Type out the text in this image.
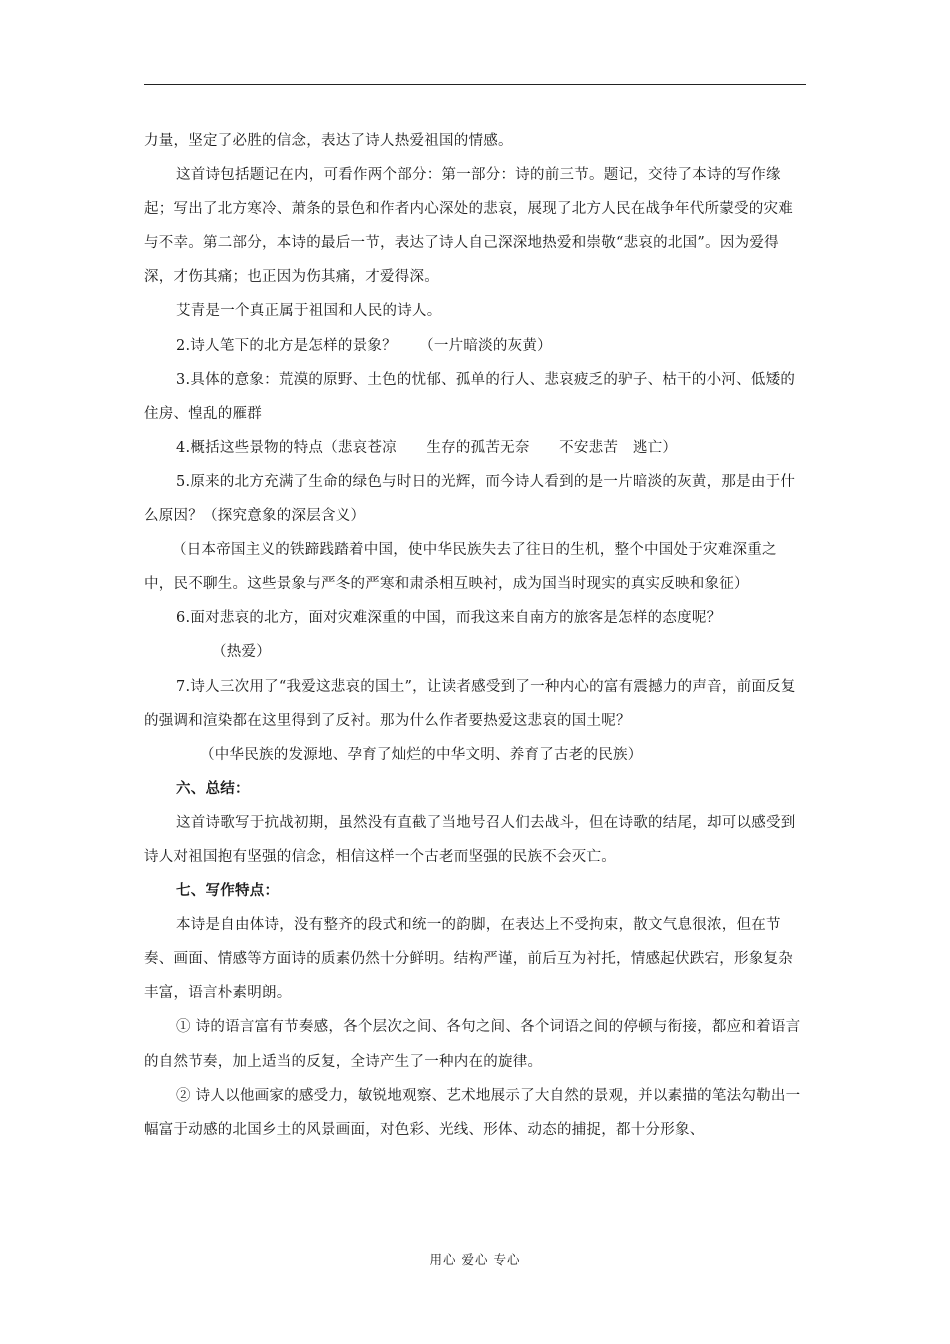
力量，坚定了必胜的信念，表达了诗人热爱祖国的情感。

这首诗包括题记在内，可看作两个部分：第一部分：诗的前三节。题记，交待了本诗的写作缘起；写出了北方寒冷、萧条的景色和作者内心深处的悲哀，展现了北方人民在战争年代所蒙受的灾难与不幸。第二部分，本诗的最后一节，表达了诗人自己深深地热爱和崇敬“悲哀的北国”。因为爱得深，才伤其痛；也正因为伤其痛，才爱得深。

艾青是一个真正属于祖国和人民的诗人。

2.诗人笔下的北方是怎样的景象？　　（一片暗淡的灰黄）

3.具体的意象：荒漠的原野、土色的忧郁、孤单的行人、悲哀疲乏的驴子、枯干的小河、低矮的住房、惶乱的雁群

4.概括这些景物的特点（悲哀苍凉　　生存的孤苦无奈　　不安悲苦　逃亡）

5.原来的北方充满了生命的绿色与时日的光辉，而今诗人看到的是一片暗淡的灰黄，那是由于什么原因？（探究意象的深层含义）

（日本帝国主义的铁蹄践踏着中国，使中华民族失去了往日的生机，整个中国处于灾难深重之中，民不聊生。这些景象与严冬的严寒和肃杀相互映衬，成为国当时现实的真实反映和象征）

6.面对悲哀的北方，面对灾难深重的中国，而我这来自南方的旅客是怎样的态度呢？

（热爱）

7.诗人三次用了“我爱这悲哀的国土”，让读者感受到了一种内心的富有震撼力的声音，前面反复的强调和渲染都在这里得到了反衬。那为什么作者要热爱这悲哀的国土呢？

（中华民族的发源地、孕育了灿烂的中华文明、养育了古老的民族）

六、总结：

这首诗歌写于抗战初期，虽然没有直截了当地号召人们去战斗，但在诗歌的结尾，却可以感受到诗人对祖国抱有坚强的信念，相信这样一个古老而坚强的民族不会灭亡。

七、写作特点：

本诗是自由体诗，没有整齐的段式和统一的韵脚，在表达上不受拘束，散文气息很浓，但在节奏、画面、情感等方面诗的质素仍然十分鲜明。结构严谨，前后互为衬托，情感起伏跌宕，形象复杂丰富，语言朴素明朗。

① 诗的语言富有节奏感，各个层次之间、各句之间、各个词语之间的停顿与衔接，都应和着语言的自然节奏，加上适当的反复，全诗产生了一种内在的旋律。

② 诗人以他画家的感受力，敏锐地观察、艺术地展示了大自然的景观，并以素描的笔法勾勒出一幅富于动感的北国乡土的风景画面，对色彩、光线、形体、动态的捕捉，都十分形象、

用心 爱心 专心
